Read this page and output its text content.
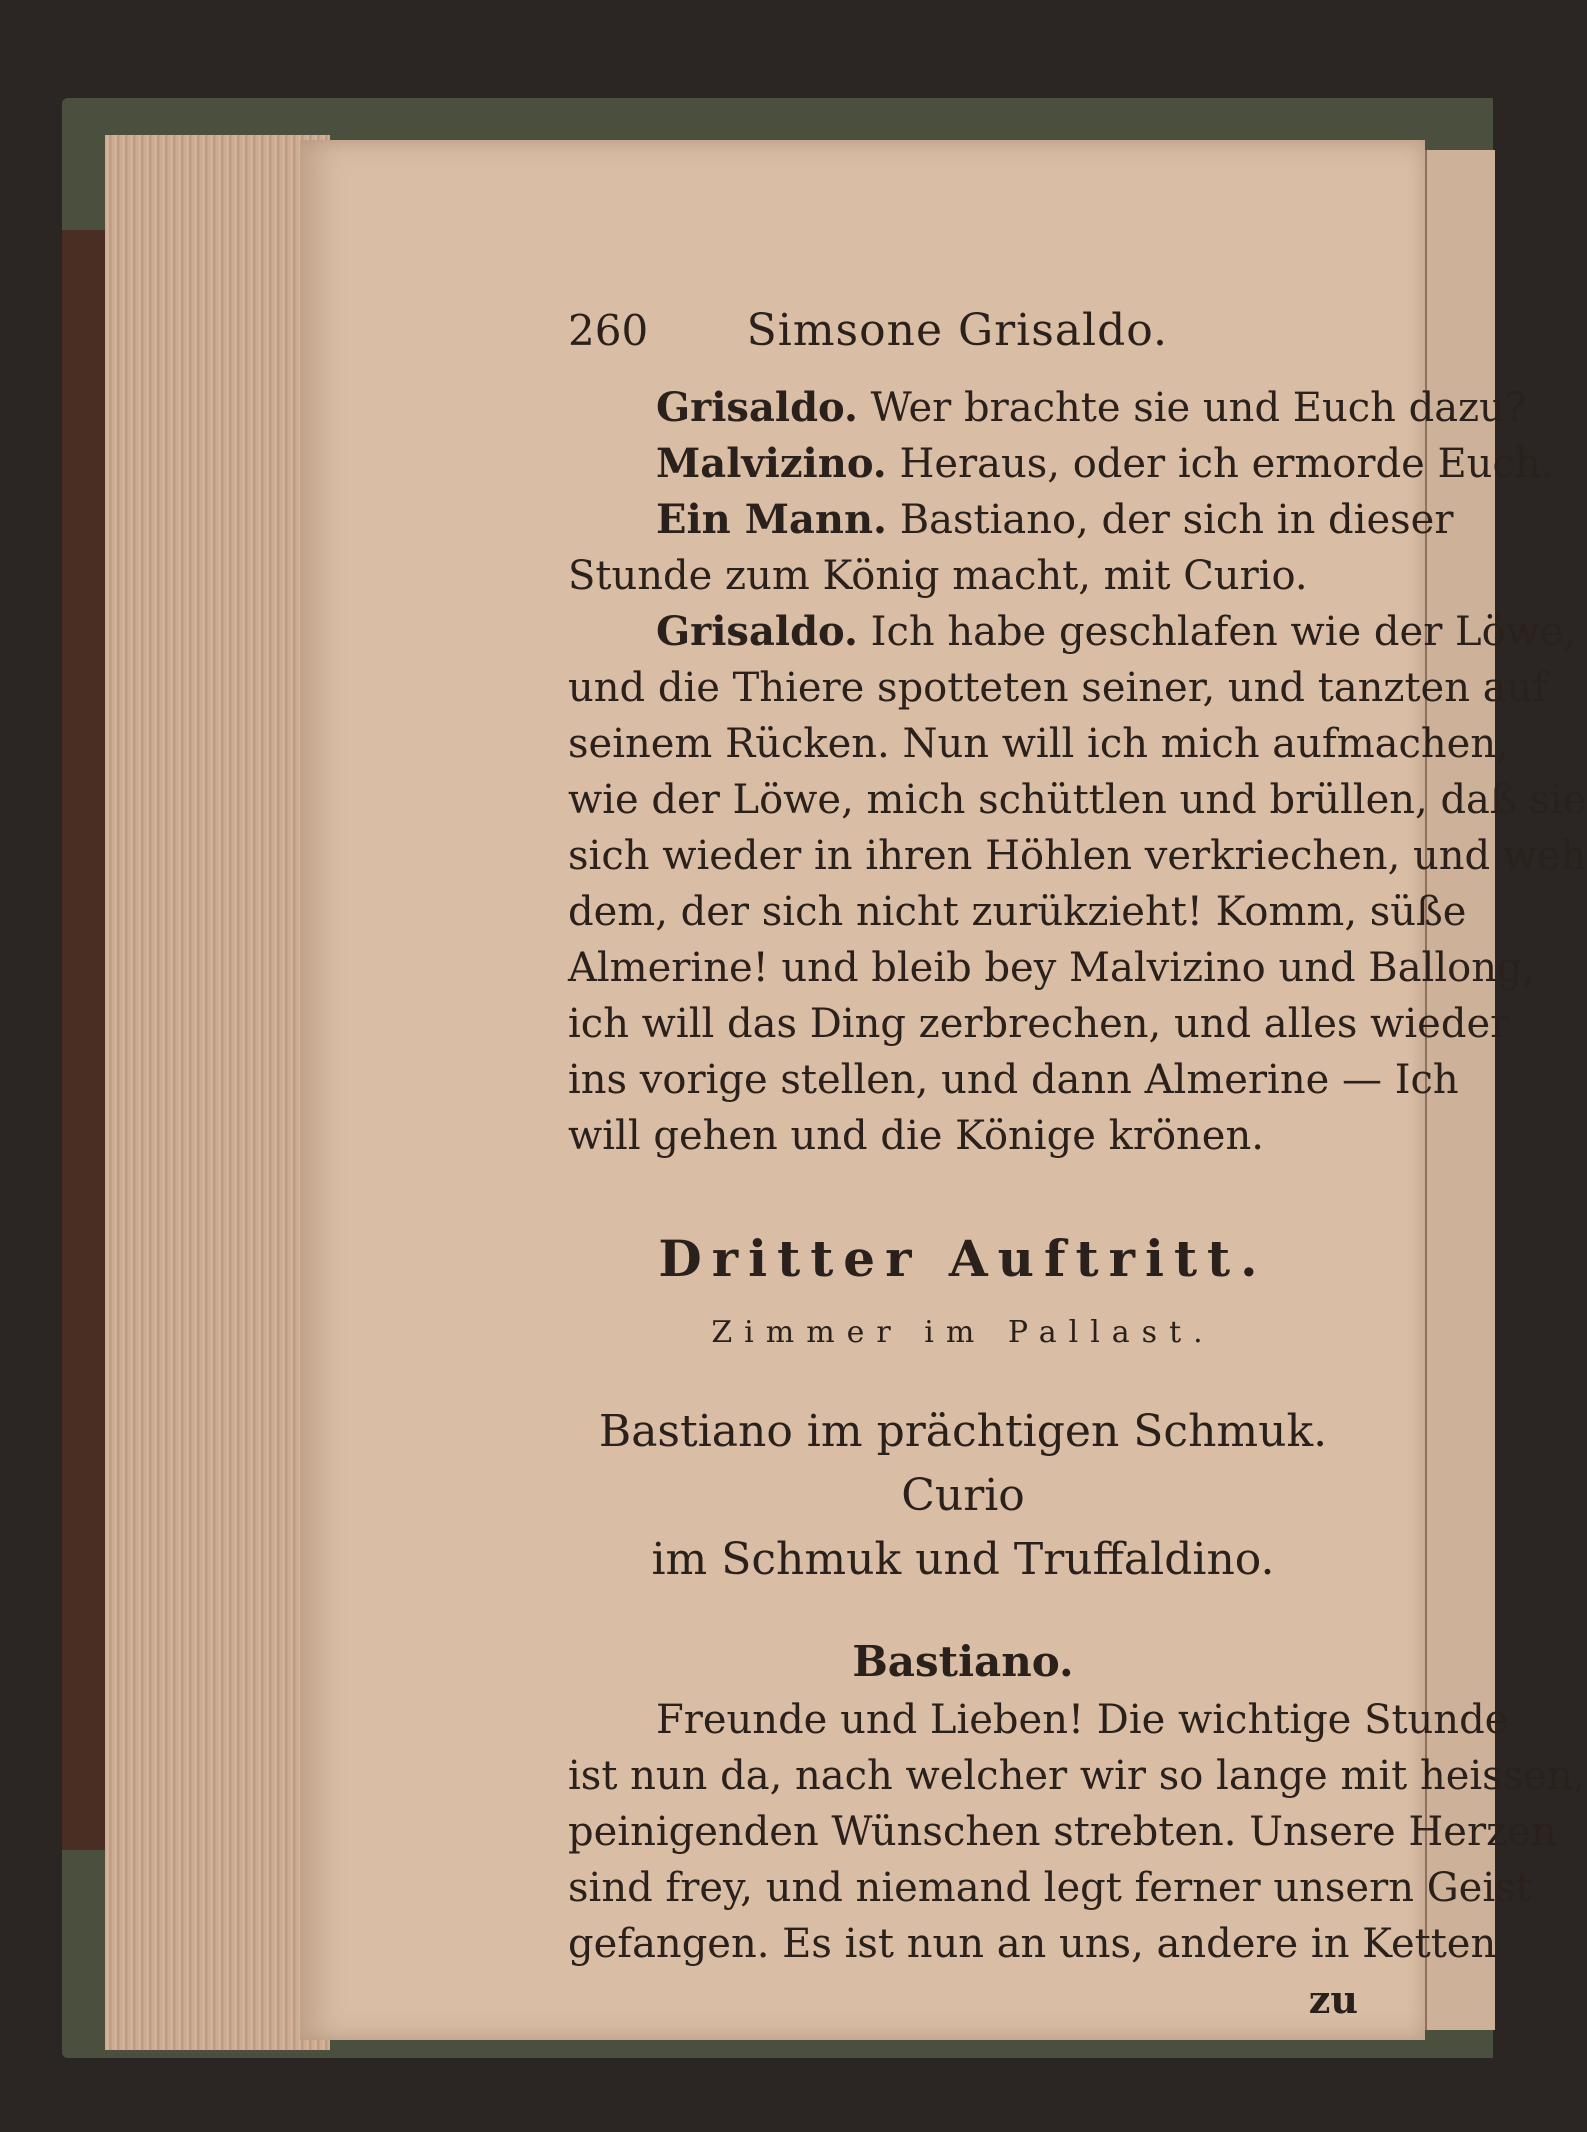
260 Simsone Grisaldo.
Grisaldo. Wer brachte sie und Euch dazu?
Malvizino. Heraus, oder ich ermorde Euch.
Ein Mann. Bastiano, der sich in dieser
Stunde zum König macht, mit Curio.
Grisaldo. Ich habe geschlafen wie der Löwe,
und die Thiere spotteten seiner, und tanzten auf
seinem Rücken. Nun will ich mich aufmachen,
wie der Löwe, mich schüttlen und brüllen, daß sie
sich wieder in ihren Höhlen verkriechen, und weh
dem, der sich nicht zurükzieht! Komm, süße
Almerine! und bleib bey Malvizino und Ballong,
ich will das Ding zerbrechen, und alles wieder
ins vorige stellen, und dann Almerine — Ich
will gehen und die Könige krönen.
Dritter Auftritt.
Zimmer im Pallast.
Bastiano im prächtigen Schmuk. Curio
im Schmuk und Truffaldino.
Bastiano.
Freunde und Lieben! Die wichtige Stunde
ist nun da, nach welcher wir so lange mit heissen,
peinigenden Wünschen strebten. Unsere Herzen
sind frey, und niemand legt ferner unsern Geist
gefangen. Es ist nun an uns, andere in Ketten
zu
